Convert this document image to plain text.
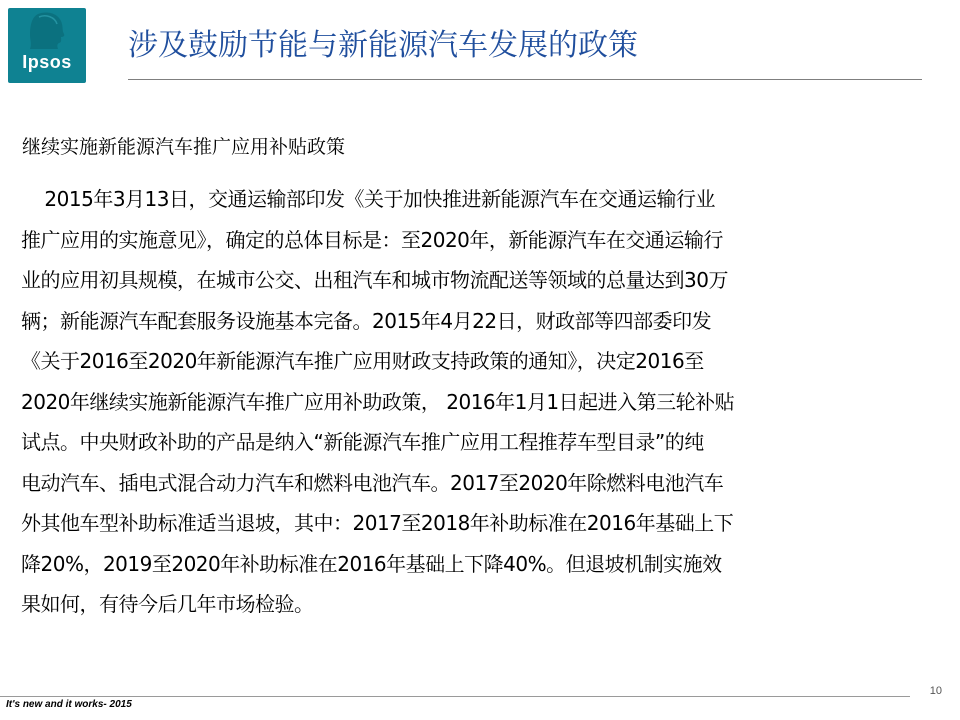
Ipsos	涉及鼓励节能与新能源汽车发展的政策
继续实施新能源汽车推广应用补贴政策
2015年3月13日，交通运输部印发《关于加快推进新能源汽车在交通运输行业
推广应用的实施意见》，确定的总体目标是：至2020年，新能源汽车在交通运输行
业的应用初具规模，在城市公交、出租汽车和城市物流配送等领域的总量达到30万
辆；新能源汽车配套服务设施基本完备。2015年4月22日，财政部等四部委印发
《关于2016至2020年新能源汽车推广应用财政支持政策的通知》，决定2016至
2020年继续实施新能源汽车推广应用补助政策， 2016年1月1日起进入第三轮补贴
试点。中央财政补助的产品是纳入“新能源汽车推广应用工程推荐车型目录”的纯
电动汽车、插电式混合动力汽车和燃料电池汽车。2017至2020年除燃料电池汽车
外其他车型补助标准适当退坡，其中：2017至2018年补助标准在2016年基础上下
降20%，2019至2020年补助标准在2016年基础上下降40%。但退坡机制实施效
果如何，有待今后几年市场检验。
10
It's new and it works- 2015
